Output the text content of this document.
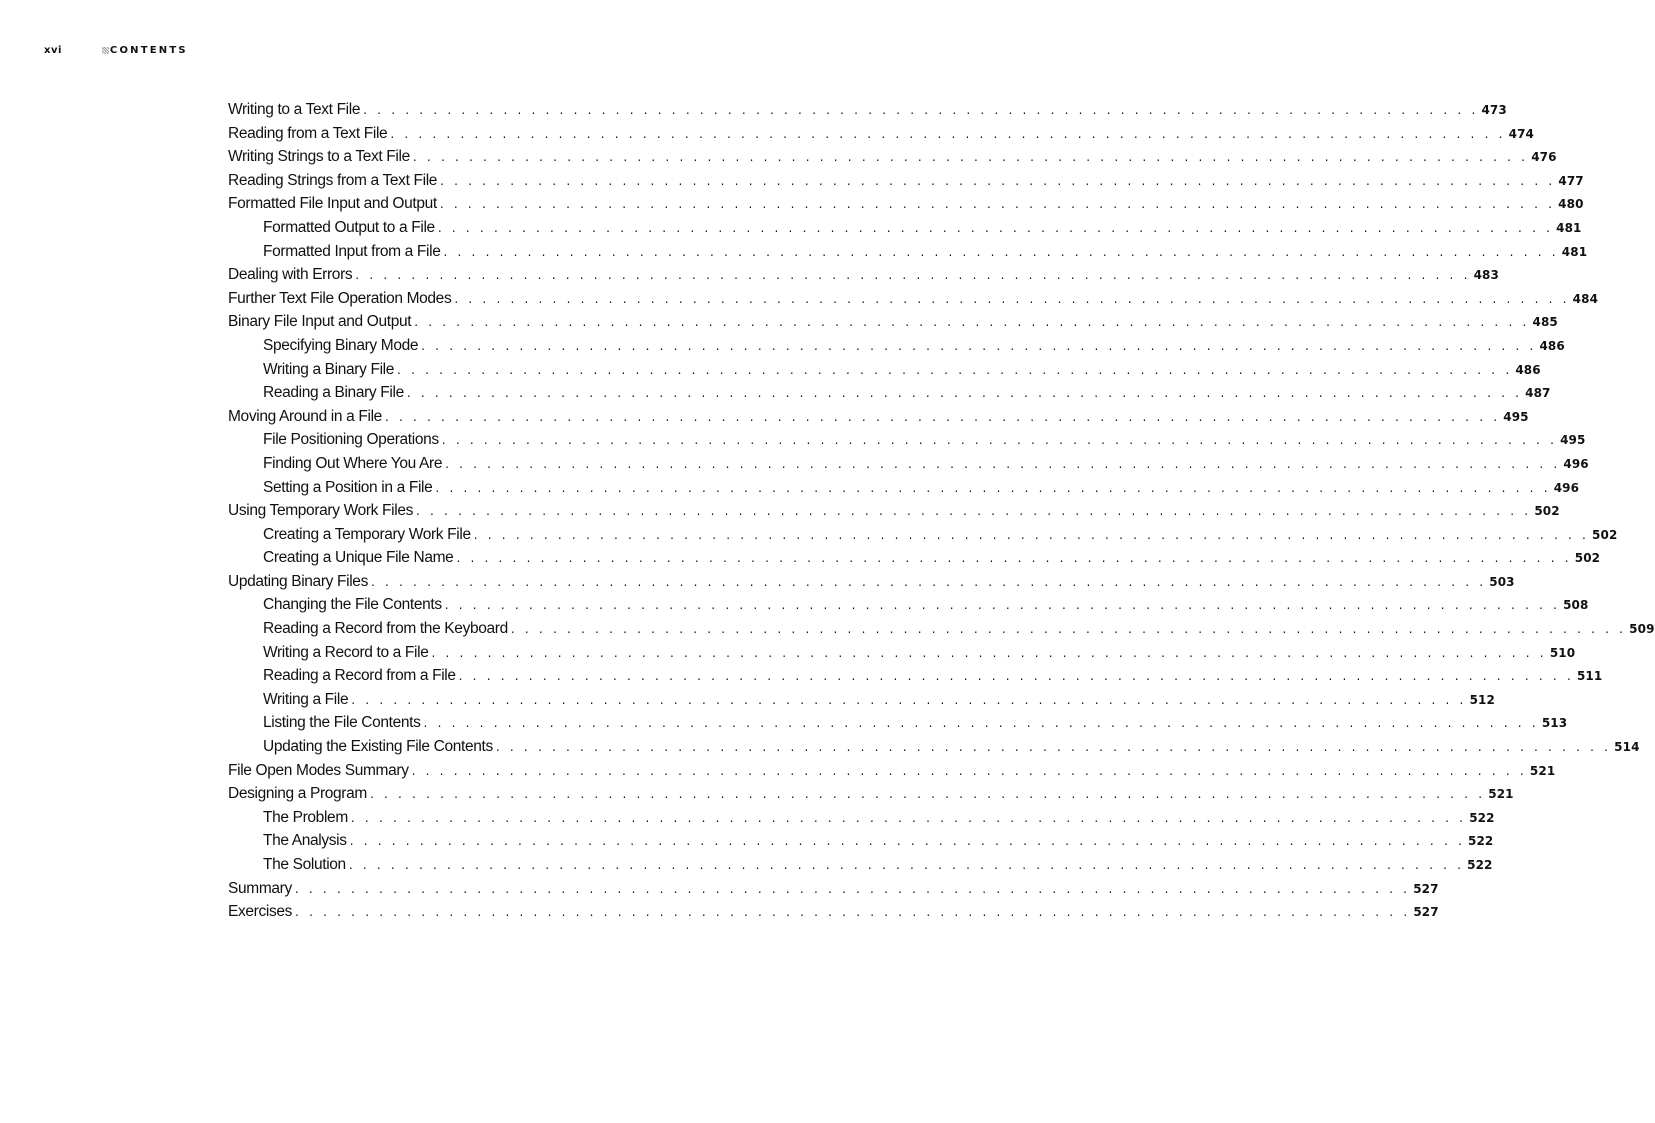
xvi	CONTENTS
Writing to a Text File . . . . . . . . . . . . . . . . . . . . . . . . . . . . . . . . . . . . . . . . . . . . . . . . . . . . . . . . . . . . . . . . . . . . . . . . . . . . . . . . 473
Reading from a Text File . . . . . . . . . . . . . . . . . . . . . . . . . . . . . . . . . . . . . . . . . . . . . . . . . . . . . . . . . . . . . . . . . . . . . . . . . . . . . . . . 474
Writing Strings to a Text File . . . . . . . . . . . . . . . . . . . . . . . . . . . . . . . . . . . . . . . . . . . . . . . . . . . . . . . . . . . . . . . . . . . . . . . . . . . . . . . . 476
Reading Strings from a Text File . . . . . . . . . . . . . . . . . . . . . . . . . . . . . . . . . . . . . . . . . . . . . . . . . . . . . . . . . . . . . . . . . . . . . . . . . . . . . . . . 477
Formatted File Input and Output . . . . . . . . . . . . . . . . . . . . . . . . . . . . . . . . . . . . . . . . . . . . . . . . . . . . . . . . . . . . . . . . . . . . . . . . . . . . . . . . 480
Formatted Output to a File . . . . . . . . . . . . . . . . . . . . . . . . . . . . . . . . . . . . . . . . . . . . . . . . . . . . . . . . . . . . . . . . . . . . . . . . . . . . . . . . 481
Formatted Input from a File . . . . . . . . . . . . . . . . . . . . . . . . . . . . . . . . . . . . . . . . . . . . . . . . . . . . . . . . . . . . . . . . . . . . . . . . . . . . . . . . 481
Dealing with Errors . . . . . . . . . . . . . . . . . . . . . . . . . . . . . . . . . . . . . . . . . . . . . . . . . . . . . . . . . . . . . . . . . . . . . . . . . . . . . . . . 483
Further Text File Operation Modes . . . . . . . . . . . . . . . . . . . . . . . . . . . . . . . . . . . . . . . . . . . . . . . . . . . . . . . . . . . . . . . . . . . . . . . . . . . . . . . . 484
Binary File Input and Output . . . . . . . . . . . . . . . . . . . . . . . . . . . . . . . . . . . . . . . . . . . . . . . . . . . . . . . . . . . . . . . . . . . . . . . . . . . . . . . . 485
Specifying Binary Mode . . . . . . . . . . . . . . . . . . . . . . . . . . . . . . . . . . . . . . . . . . . . . . . . . . . . . . . . . . . . . . . . . . . . . . . . . . . . . . . . 486
Writing a Binary File . . . . . . . . . . . . . . . . . . . . . . . . . . . . . . . . . . . . . . . . . . . . . . . . . . . . . . . . . . . . . . . . . . . . . . . . . . . . . . . . 486
Reading a Binary File . . . . . . . . . . . . . . . . . . . . . . . . . . . . . . . . . . . . . . . . . . . . . . . . . . . . . . . . . . . . . . . . . . . . . . . . . . . . . . . . 487
Moving Around in a File . . . . . . . . . . . . . . . . . . . . . . . . . . . . . . . . . . . . . . . . . . . . . . . . . . . . . . . . . . . . . . . . . . . . . . . . . . . . . . . . 495
File Positioning Operations . . . . . . . . . . . . . . . . . . . . . . . . . . . . . . . . . . . . . . . . . . . . . . . . . . . . . . . . . . . . . . . . . . . . . . . . . . . . . . . . 495
Finding Out Where You Are . . . . . . . . . . . . . . . . . . . . . . . . . . . . . . . . . . . . . . . . . . . . . . . . . . . . . . . . . . . . . . . . . . . . . . . . . . . . . . . . 496
Setting a Position in a File . . . . . . . . . . . . . . . . . . . . . . . . . . . . . . . . . . . . . . . . . . . . . . . . . . . . . . . . . . . . . . . . . . . . . . . . . . . . . . . . 496
Using Temporary Work Files . . . . . . . . . . . . . . . . . . . . . . . . . . . . . . . . . . . . . . . . . . . . . . . . . . . . . . . . . . . . . . . . . . . . . . . . . . . . . . . . 502
Creating a Temporary Work File . . . . . . . . . . . . . . . . . . . . . . . . . . . . . . . . . . . . . . . . . . . . . . . . . . . . . . . . . . . . . . . . . . . . . . . . . . . . . . . . 502
Creating a Unique File Name . . . . . . . . . . . . . . . . . . . . . . . . . . . . . . . . . . . . . . . . . . . . . . . . . . . . . . . . . . . . . . . . . . . . . . . . . . . . . . . . 502
Updating Binary Files . . . . . . . . . . . . . . . . . . . . . . . . . . . . . . . . . . . . . . . . . . . . . . . . . . . . . . . . . . . . . . . . . . . . . . . . . . . . . . . . 503
Changing the File Contents . . . . . . . . . . . . . . . . . . . . . . . . . . . . . . . . . . . . . . . . . . . . . . . . . . . . . . . . . . . . . . . . . . . . . . . . . . . . . . . . 508
Reading a Record from the Keyboard . . . . . . . . . . . . . . . . . . . . . . . . . . . . . . . . . . . . . . . . . . . . . . . . . . . . . . . . . . . . . . . . . . . . . . . . . . . . . . . . 509
Writing a Record to a File . . . . . . . . . . . . . . . . . . . . . . . . . . . . . . . . . . . . . . . . . . . . . . . . . . . . . . . . . . . . . . . . . . . . . . . . . . . . . . . . 510
Reading a Record from a File . . . . . . . . . . . . . . . . . . . . . . . . . . . . . . . . . . . . . . . . . . . . . . . . . . . . . . . . . . . . . . . . . . . . . . . . . . . . . . . . 511
Writing a File . . . . . . . . . . . . . . . . . . . . . . . . . . . . . . . . . . . . . . . . . . . . . . . . . . . . . . . . . . . . . . . . . . . . . . . . . . . . . . . . 512
Listing the File Contents . . . . . . . . . . . . . . . . . . . . . . . . . . . . . . . . . . . . . . . . . . . . . . . . . . . . . . . . . . . . . . . . . . . . . . . . . . . . . . . . 513
Updating the Existing File Contents . . . . . . . . . . . . . . . . . . . . . . . . . . . . . . . . . . . . . . . . . . . . . . . . . . . . . . . . . . . . . . . . . . . . . . . . . . . . . . . . 514
File Open Modes Summary . . . . . . . . . . . . . . . . . . . . . . . . . . . . . . . . . . . . . . . . . . . . . . . . . . . . . . . . . . . . . . . . . . . . . . . . . . . . . . . . 521
Designing a Program . . . . . . . . . . . . . . . . . . . . . . . . . . . . . . . . . . . . . . . . . . . . . . . . . . . . . . . . . . . . . . . . . . . . . . . . . . . . . . . . 521
The Problem . . . . . . . . . . . . . . . . . . . . . . . . . . . . . . . . . . . . . . . . . . . . . . . . . . . . . . . . . . . . . . . . . . . . . . . . . . . . . . . . 522
The Analysis . . . . . . . . . . . . . . . . . . . . . . . . . . . . . . . . . . . . . . . . . . . . . . . . . . . . . . . . . . . . . . . . . . . . . . . . . . . . . . . . 522
The Solution . . . . . . . . . . . . . . . . . . . . . . . . . . . . . . . . . . . . . . . . . . . . . . . . . . . . . . . . . . . . . . . . . . . . . . . . . . . . . . . . 522
Summary . . . . . . . . . . . . . . . . . . . . . . . . . . . . . . . . . . . . . . . . . . . . . . . . . . . . . . . . . . . . . . . . . . . . . . . . . . . . . . . . 527
Exercises . . . . . . . . . . . . . . . . . . . . . . . . . . . . . . . . . . . . . . . . . . . . . . . . . . . . . . . . . . . . . . . . . . . . . . . . . . . . . . . . 527
